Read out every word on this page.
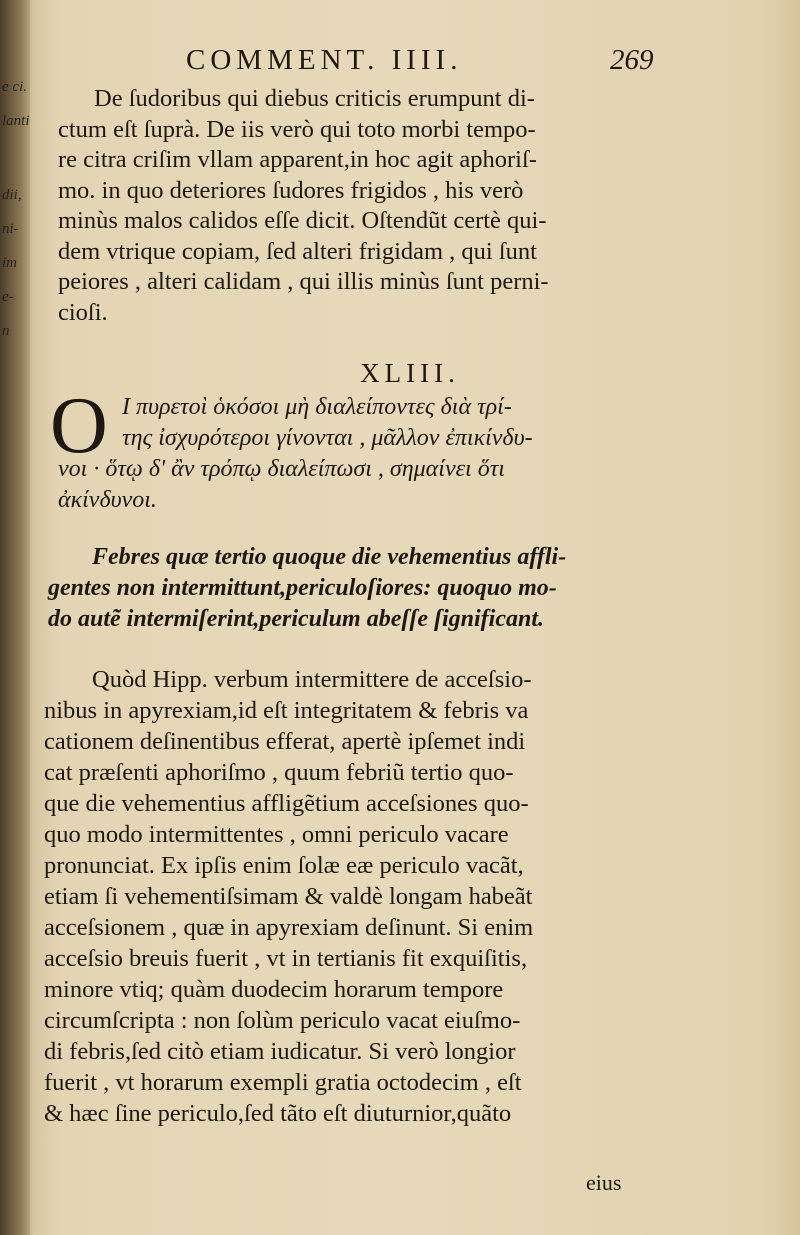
e ci.
lanti
dii,
ni-
im
e-
n
COMMENT. IIII.	269
De ſudoribus qui diebus criticis erumpunt di-
ctum eſt ſuprà. De iis verò qui toto morbi tempo-
re citra criſim vllam apparent,in hoc agit aphoriſ-
mo. in quo deteriores ſudores frigidos , his verò
minùs malos calidos eſſe dicit. Oſtendũt certè qui-
dem vtrique copiam, ſed alteri frigidam , qui ſunt
peiores , alteri calidam , qui illis minùs ſunt perni-
cioſi.
XLIII.
O Ι πυρετοὶ ὁκόσοι μὴ διαλείποντες διὰ τρί-
της ἰσχυρότεροι γίνονται , μᾶλλον ἐπικίνδυ-
νοι · ὅτῳ δ' ἂν τρόπῳ διαλείπωσι , σημαίνει ὅτι
ἀκίνδυνοι.
Febres quæ tertio quoque die vehementius affli-
gentes non intermittunt,periculoſiores: quoquo mo-
do autẽ intermiſerint,periculum abeſſe ſignificant.
Quòd Hipp. verbum intermittere de acceſsio-
nibus in apyrexiam,id eſt integritatem & febris va
cationem deſinentibus efferat, apertè ipſemet indi
cat præſenti aphoriſmo , quum febriũ tertio quo-
que die vehementius affligẽtium acceſsiones quo-
quo modo intermittentes , omni periculo vacare
pronunciat. Ex ipſis enim ſolæ eæ periculo vacãt,
etiam ſi vehementiſsimam & valdè longam habeãt
acceſsionem , quæ in apyrexiam deſinunt. Si enim
acceſsio breuis fuerit , vt in tertianis fit exquiſitis,
minore vtiq; quàm duodecim horarum tempore
circumſcripta : non ſolùm periculo vacat eiuſmo-
di febris,ſed citò etiam iudicatur. Si verò longior
fuerit , vt horarum exempli gratia octodecim , eſt
& hæc ſine periculo,ſed tãto eſt diuturnior,quãto
eius
